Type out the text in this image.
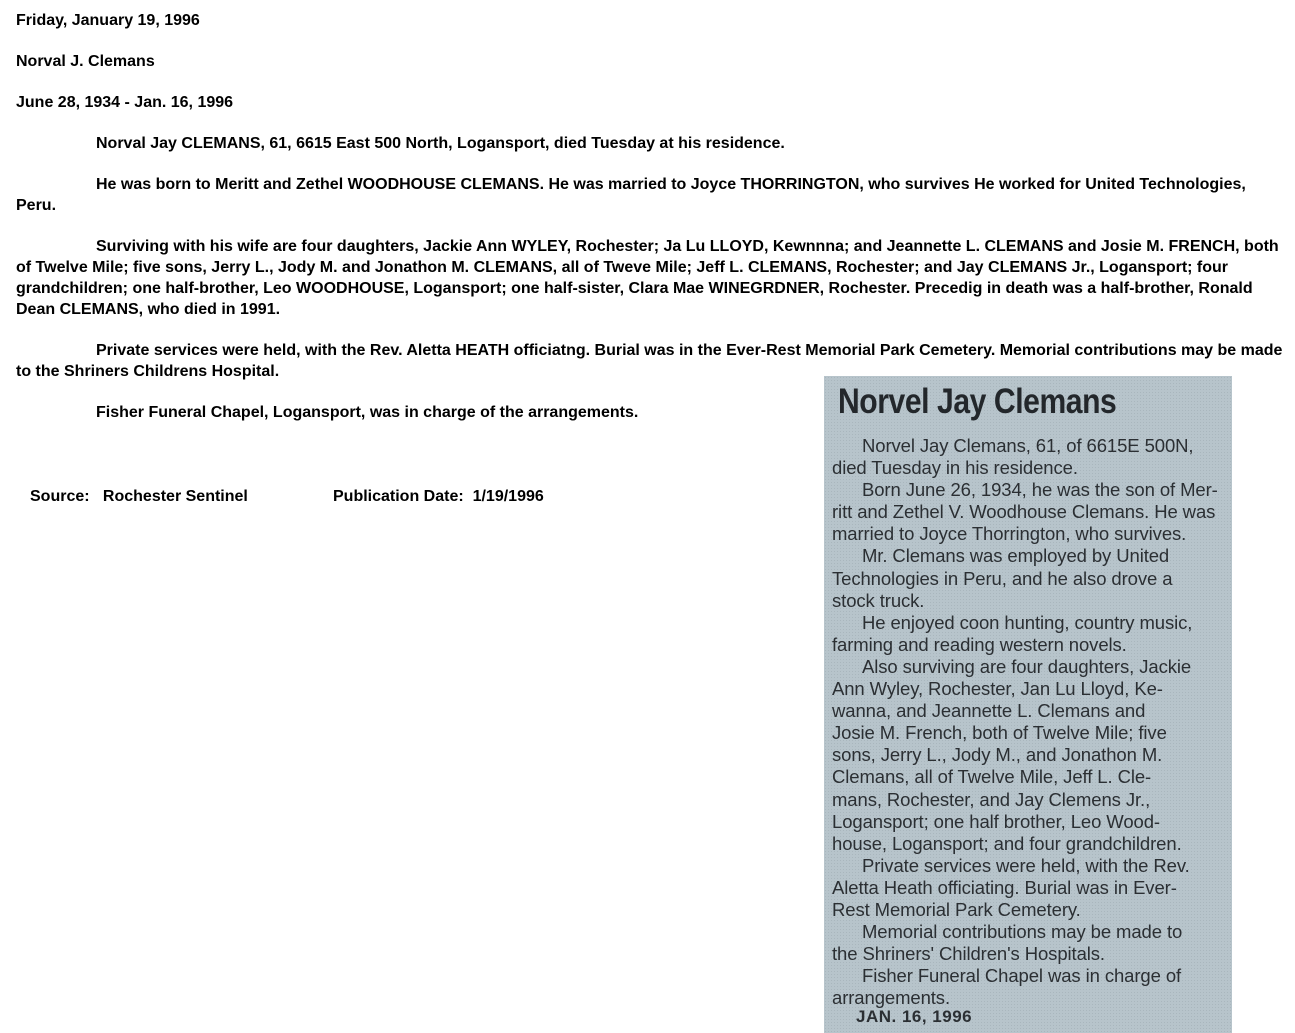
Friday, January 19, 1996

Norval J. Clemans

June 28, 1934 - Jan. 16, 1996

Norval Jay CLEMANS, 61, 6615 East 500 North, Logansport, died Tuesday at his residence.

He was born to Meritt and Zethel WOODHOUSE CLEMANS. He was married to Joyce THORRINGTON, who survives He worked for United Technologies, Peru.

Surviving with his wife are four daughters, Jackie Ann WYLEY, Rochester; Ja Lu LLOYD, Kewnnna; and Jeannette L. CLEMANS and Josie M. FRENCH, both of Twelve Mile; five sons, Jerry L., Jody M. and Jonathon M. CLEMANS, all of Tweve Mile; Jeff L. CLEMANS, Rochester; and Jay CLEMANS Jr., Logansport; four grandchildren; one half-brother, Leo WOODHOUSE, Logansport; one half-sister, Clara Mae WINEGRDNER, Rochester. Precedig in death was a half-brother, Ronald Dean CLEMANS, who died in 1991.

Private services were held, with the Rev. Aletta HEATH officiatng. Burial was in the Ever-Rest Memorial Park Cemetery. Memorial contributions may be made to the Shriners Childrens Hospital.

Fisher Funeral Chapel, Logansport, was in charge of the arrangements.

Source: Rochester Sentinel	Publication Date: 1/19/1996
Norvel Jay Clemans
Norvel Jay Clemans, 61, of 6615E 500N,
died Tuesday in his residence.
Born June 26, 1934, he was the son of Mer-
ritt and Zethel V. Woodhouse Clemans. He was
married to Joyce Thorrington, who survives.
Mr. Clemans was employed by United
Technologies in Peru, and he also drove a
stock truck.
He enjoyed coon hunting, country music,
farming and reading western novels.
Also surviving are four daughters, Jackie
Ann Wyley, Rochester, Jan Lu Lloyd, Ke-
wanna, and Jeannette L. Clemans and
Josie M. French, both of Twelve Mile; five
sons, Jerry L., Jody M., and Jonathon M.
Clemans, all of Twelve Mile, Jeff L. Cle-
mans, Rochester, and Jay Clemens Jr.,
Logansport; one half brother, Leo Wood-
house, Logansport; and four grandchildren.
Private services were held, with the Rev.
Aletta Heath officiating. Burial was in Ever-
Rest Memorial Park Cemetery.
Memorial contributions may be made to
the Shriners' Children's Hospitals.
Fisher Funeral Chapel was in charge of
arrangements.
JAN. 16, 1996
